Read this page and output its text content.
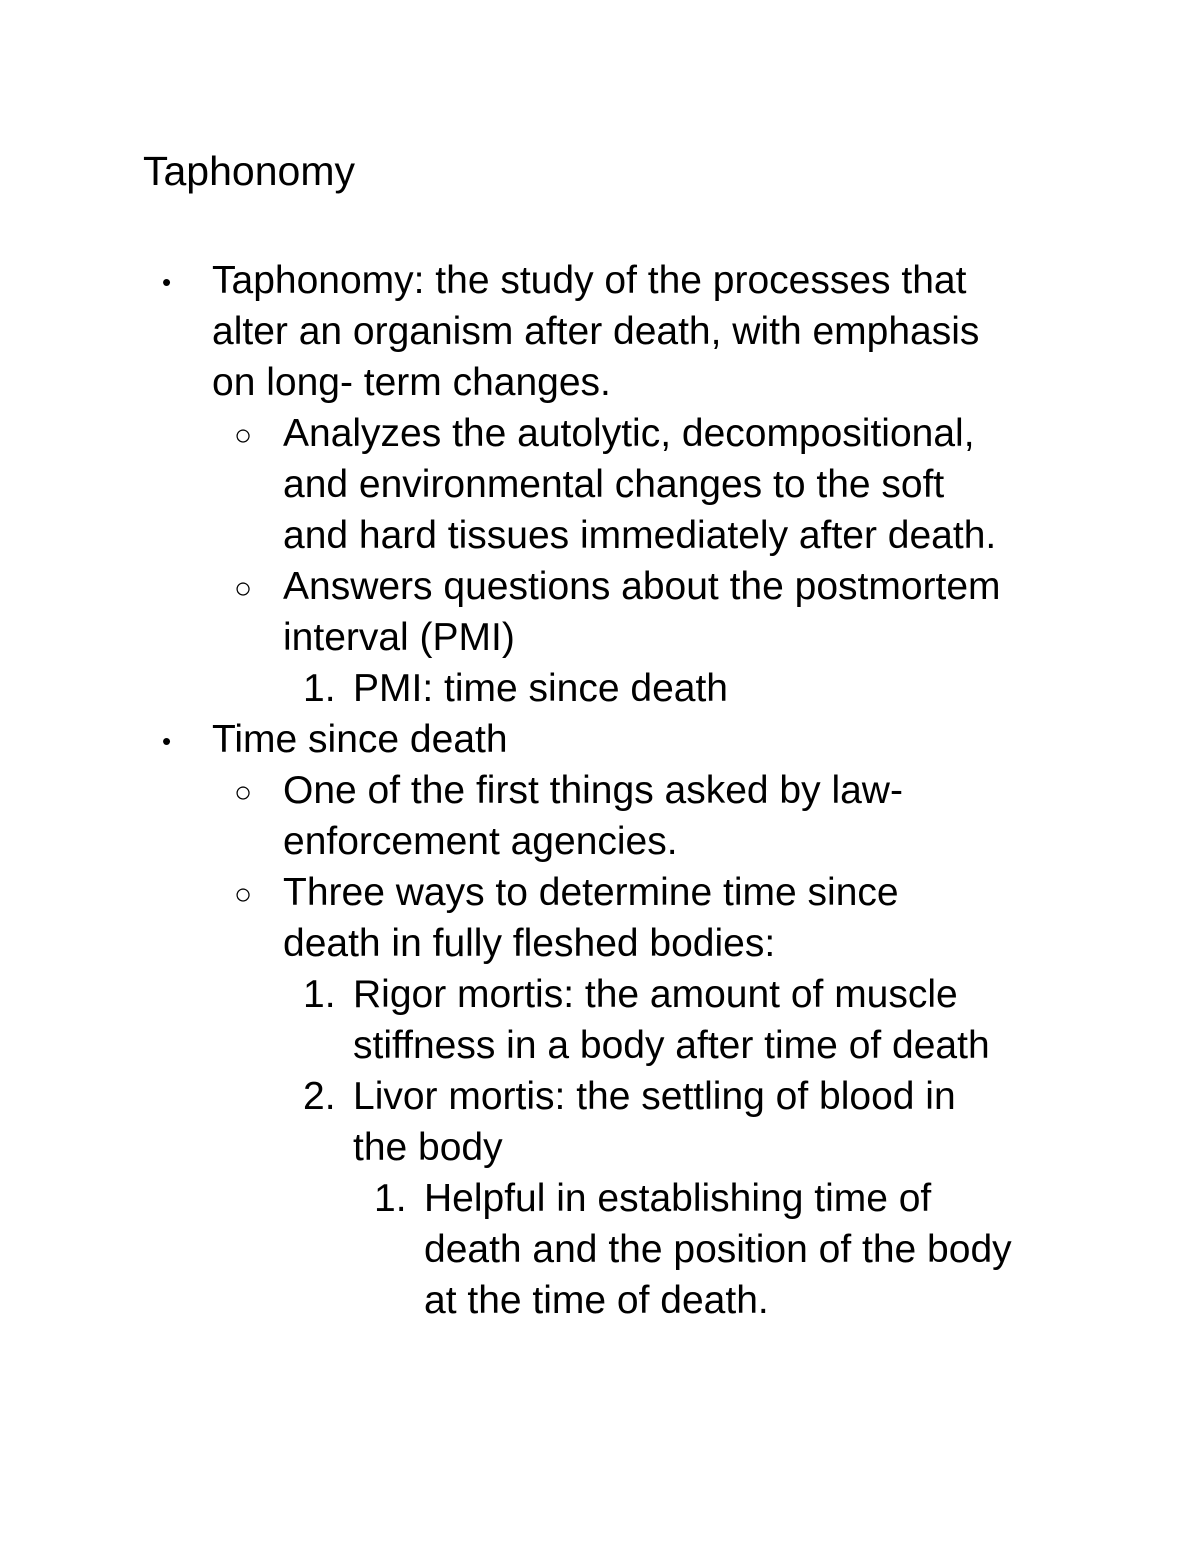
Taphonomy
• Taphonomy: the study of the processes that
alter an organism after death, with emphasis
on long- term changes.
○ Analyzes the autolytic, decompositional,
and environmental changes to the soft
and hard tissues immediately after death.
○ Answers questions about the postmortem
interval (PMI)
1. PMI: time since death
• Time since death
○ One of the first things asked by law-
enforcement agencies.
○ Three ways to determine time since
death in fully fleshed bodies:
1. Rigor mortis: the amount of muscle
stiffness in a body after time of death
2. Livor mortis: the settling of blood in
the body
1. Helpful in establishing time of
death and the position of the body
at the time of death.
